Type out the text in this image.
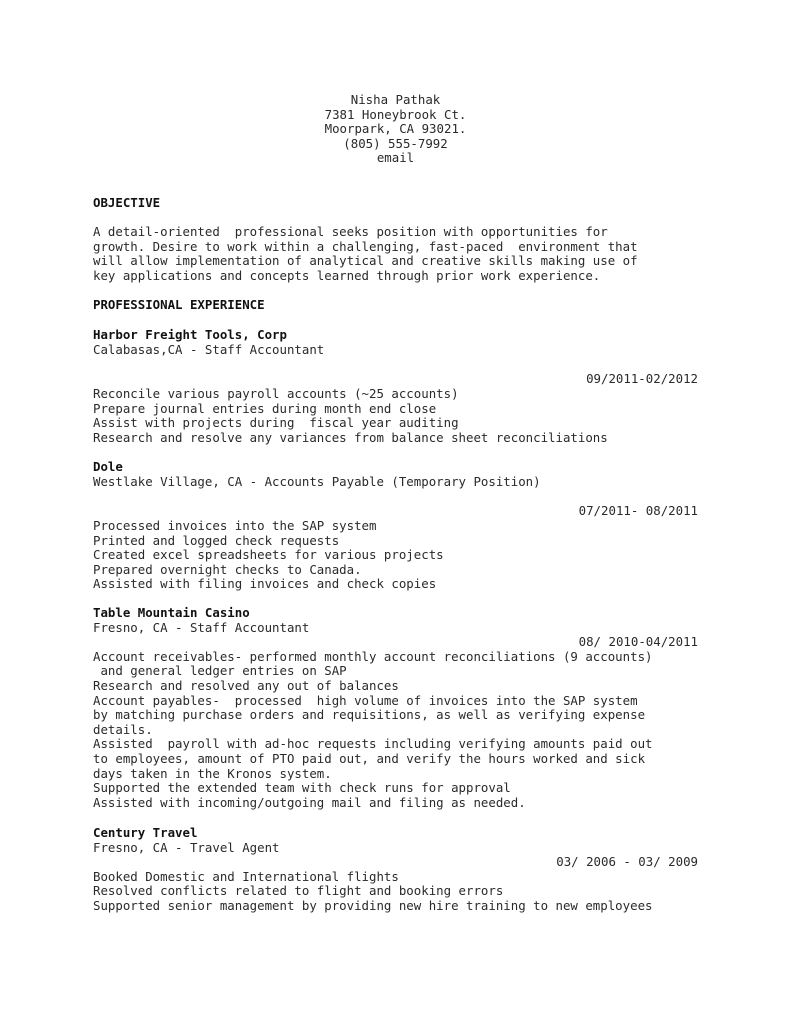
Nisha Pathak
7381 Honeybrook Ct.
Moorpark, CA 93021.
(805) 555-7992
email
OBJECTIVE
A detail-oriented  professional seeks position with opportunities for
growth. Desire to work within a challenging, fast-paced  environment that
will allow implementation of analytical and creative skills making use of
key applications and concepts learned through prior work experience.
PROFESSIONAL EXPERIENCE
Harbor Freight Tools, Corp
Calabasas,CA - Staff Accountant
09/2011-02/2012
Reconcile various payroll accounts (~25 accounts)
Prepare journal entries during month end close
Assist with projects during  fiscal year auditing
Research and resolve any variances from balance sheet reconciliations
Dole
Westlake Village, CA - Accounts Payable (Temporary Position)
07/2011- 08/2011
Processed invoices into the SAP system
Printed and logged check requests
Created excel spreadsheets for various projects
Prepared overnight checks to Canada.
Assisted with filing invoices and check copies
Table Mountain Casino
Fresno, CA - Staff Accountant
08/ 2010-04/2011
Account receivables- performed monthly account reconciliations (9 accounts)
and general ledger entries on SAP
Research and resolved any out of balances
Account payables-  processed  high volume of invoices into the SAP system
by matching purchase orders and requisitions, as well as verifying expense
details.
Assisted  payroll with ad-hoc requests including verifying amounts paid out
to employees, amount of PTO paid out, and verify the hours worked and sick
days taken in the Kronos system.
Supported the extended team with check runs for approval
Assisted with incoming/outgoing mail and filing as needed.
Century Travel
Fresno, CA - Travel Agent
03/ 2006 - 03/ 2009
Booked Domestic and International flights
Resolved conflicts related to flight and booking errors
Supported senior management by providing new hire training to new employees
